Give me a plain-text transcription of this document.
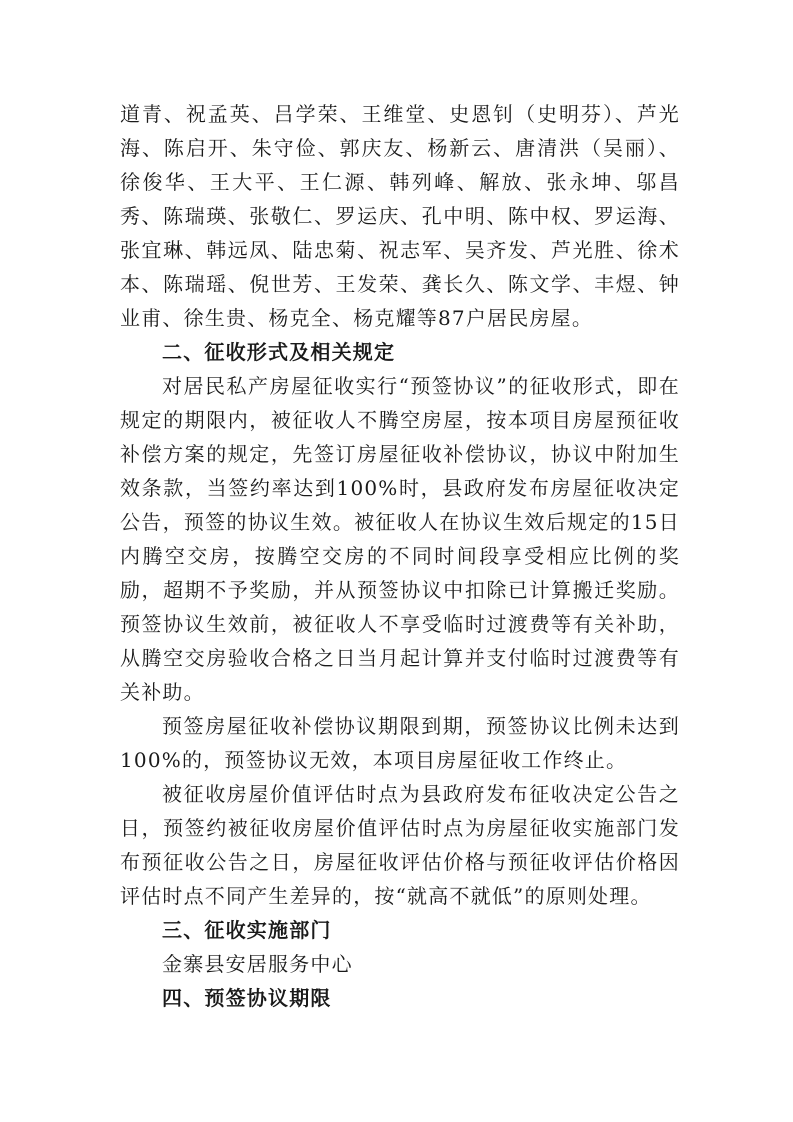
道青、祝孟英、吕学荣、王维堂、史恩钊（史明芬）、芦光海、陈启开、朱守俭、郭庆友、杨新云、唐清洪（吴丽）、徐俊华、王大平、王仁源、韩列峰、解放、张永坤、邬昌秀、陈瑞瑛、张敬仁、罗运庆、孔中明、陈中权、罗运海、张宜琳、韩远凤、陆忠菊、祝志军、吴齐发、芦光胜、徐术本、陈瑞瑶、倪世芳、王发荣、龚长久、陈文学、丰煜、钟业甫、徐生贵、杨克全、杨克耀等87户居民房屋。

二、征收形式及相关规定

对居民私产房屋征收实行“预签协议”的征收形式，即在规定的期限内，被征收人不腾空房屋，按本项目房屋预征收补偿方案的规定，先签订房屋征收补偿协议，协议中附加生效条款，当签约率达到100%时，县政府发布房屋征收决定公告，预签的协议生效。被征收人在协议生效后规定的15日内腾空交房，按腾空交房的不同时间段享受相应比例的奖励，超期不予奖励，并从预签协议中扣除已计算搬迁奖励。预签协议生效前，被征收人不享受临时过渡费等有关补助，从腾空交房验收合格之日当月起计算并支付临时过渡费等有关补助。

预签房屋征收补偿协议期限到期，预签协议比例未达到100%的，预签协议无效，本项目房屋征收工作终止。

被征收房屋价值评估时点为县政府发布征收决定公告之日，预签约被征收房屋价值评估时点为房屋征收实施部门发布预征收公告之日，房屋征收评估价格与预征收评估价格因评估时点不同产生差异的，按“就高不就低”的原则处理。

三、征收实施部门

金寨县安居服务中心

四、预签协议期限
